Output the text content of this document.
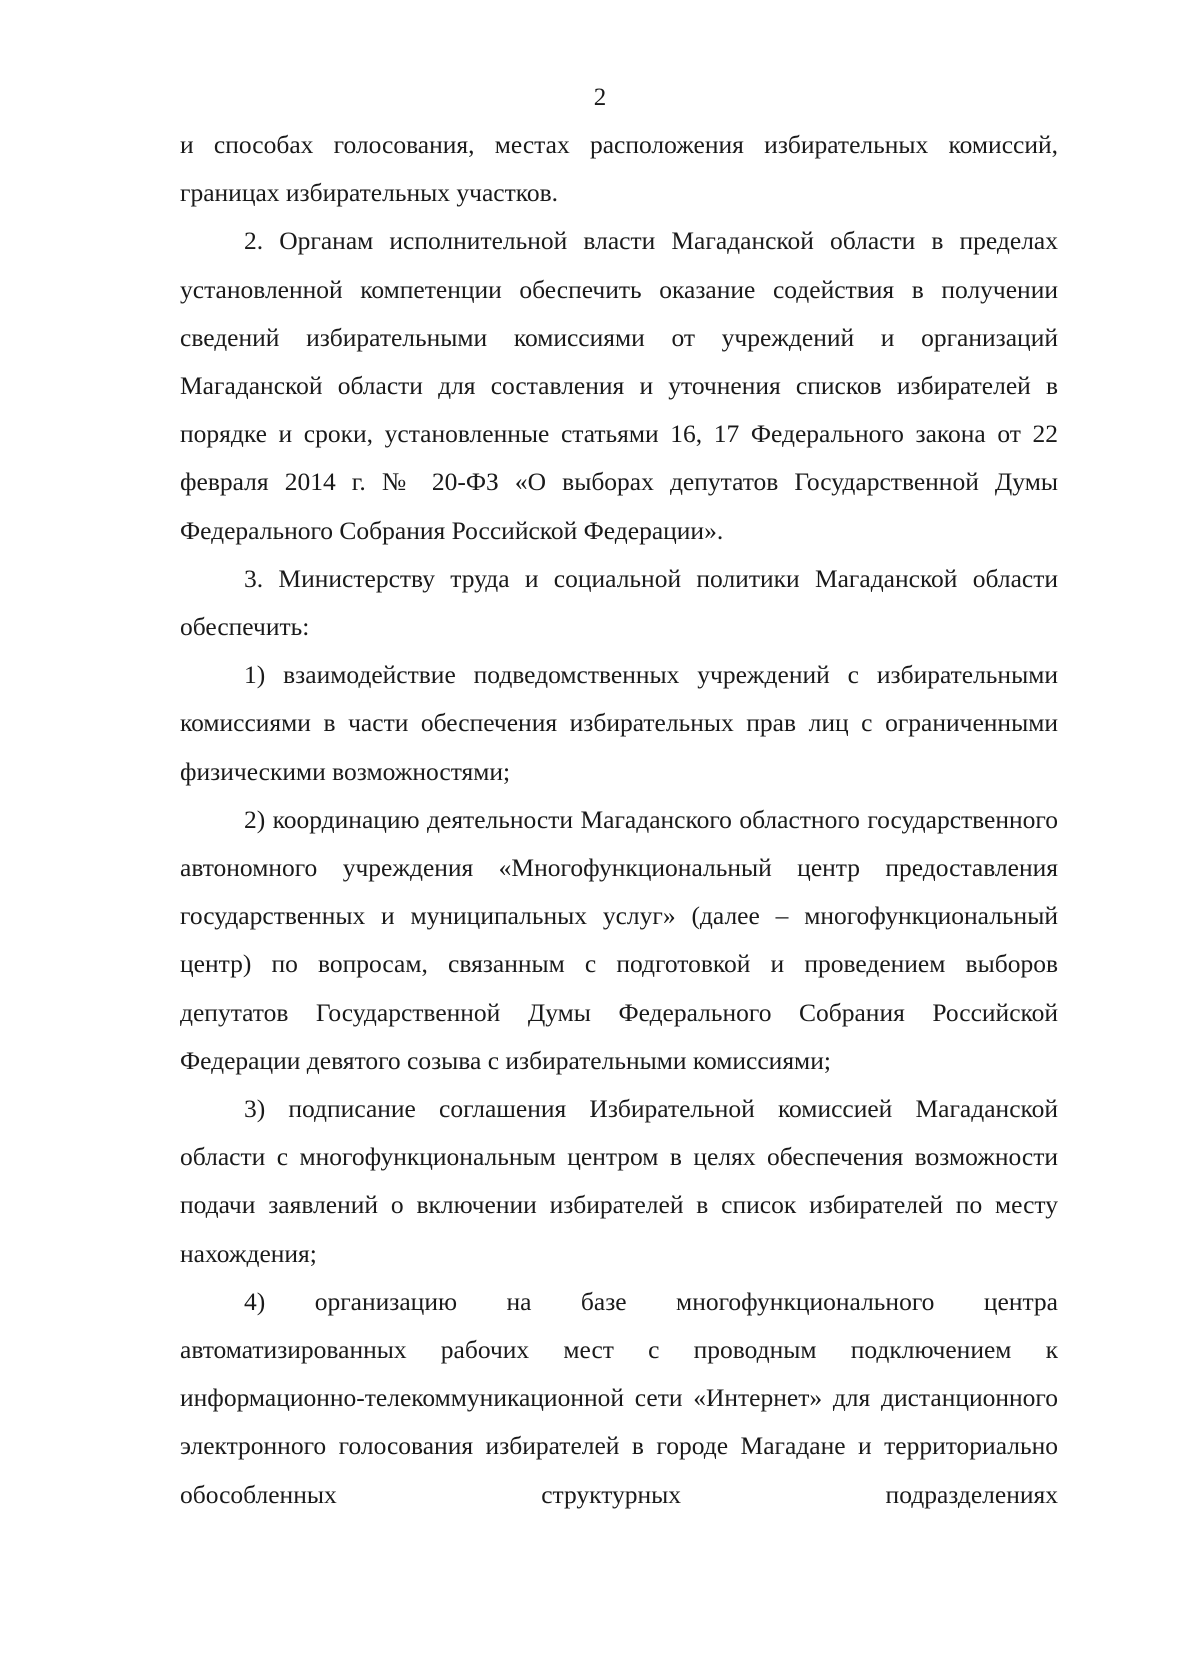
2

и способах голосования, местах расположения избирательных комиссий, границах избирательных участков.

2. Органам исполнительной власти Магаданской области в пределах установленной компетенции обеспечить оказание содействия в получении сведений избирательными комиссиями от учреждений и организаций Магаданской области для составления и уточнения списков избирателей в порядке и сроки, установленные статьями 16, 17 Федерального закона от 22 февраля 2014 г. № 20-ФЗ «О выборах депутатов Государственной Думы Федерального Собрания Российской Федерации».

3. Министерству труда и социальной политики Магаданской области обеспечить:

1) взаимодействие подведомственных учреждений с избирательными комиссиями в части обеспечения избирательных прав лиц с ограниченными физическими возможностями;

2) координацию деятельности Магаданского областного государственного автономного учреждения «Многофункциональный центр предоставления государственных и муниципальных услуг» (далее – многофункциональный центр) по вопросам, связанным с подготовкой и проведением выборов депутатов Государственной Думы Федерального Собрания Российской Федерации девятого созыва с избирательными комиссиями;

3) подписание соглашения Избирательной комиссией Магаданской области с многофункциональным центром в целях обеспечения возможности подачи заявлений о включении избирателей в список избирателей по месту нахождения;

4) организацию на базе многофункционального центра автоматизированных рабочих мест с проводным подключением к информационно-телекоммуникационной сети «Интернет» для дистанционного электронного голосования избирателей в городе Магадане и территориально обособленных структурных подразделениях
